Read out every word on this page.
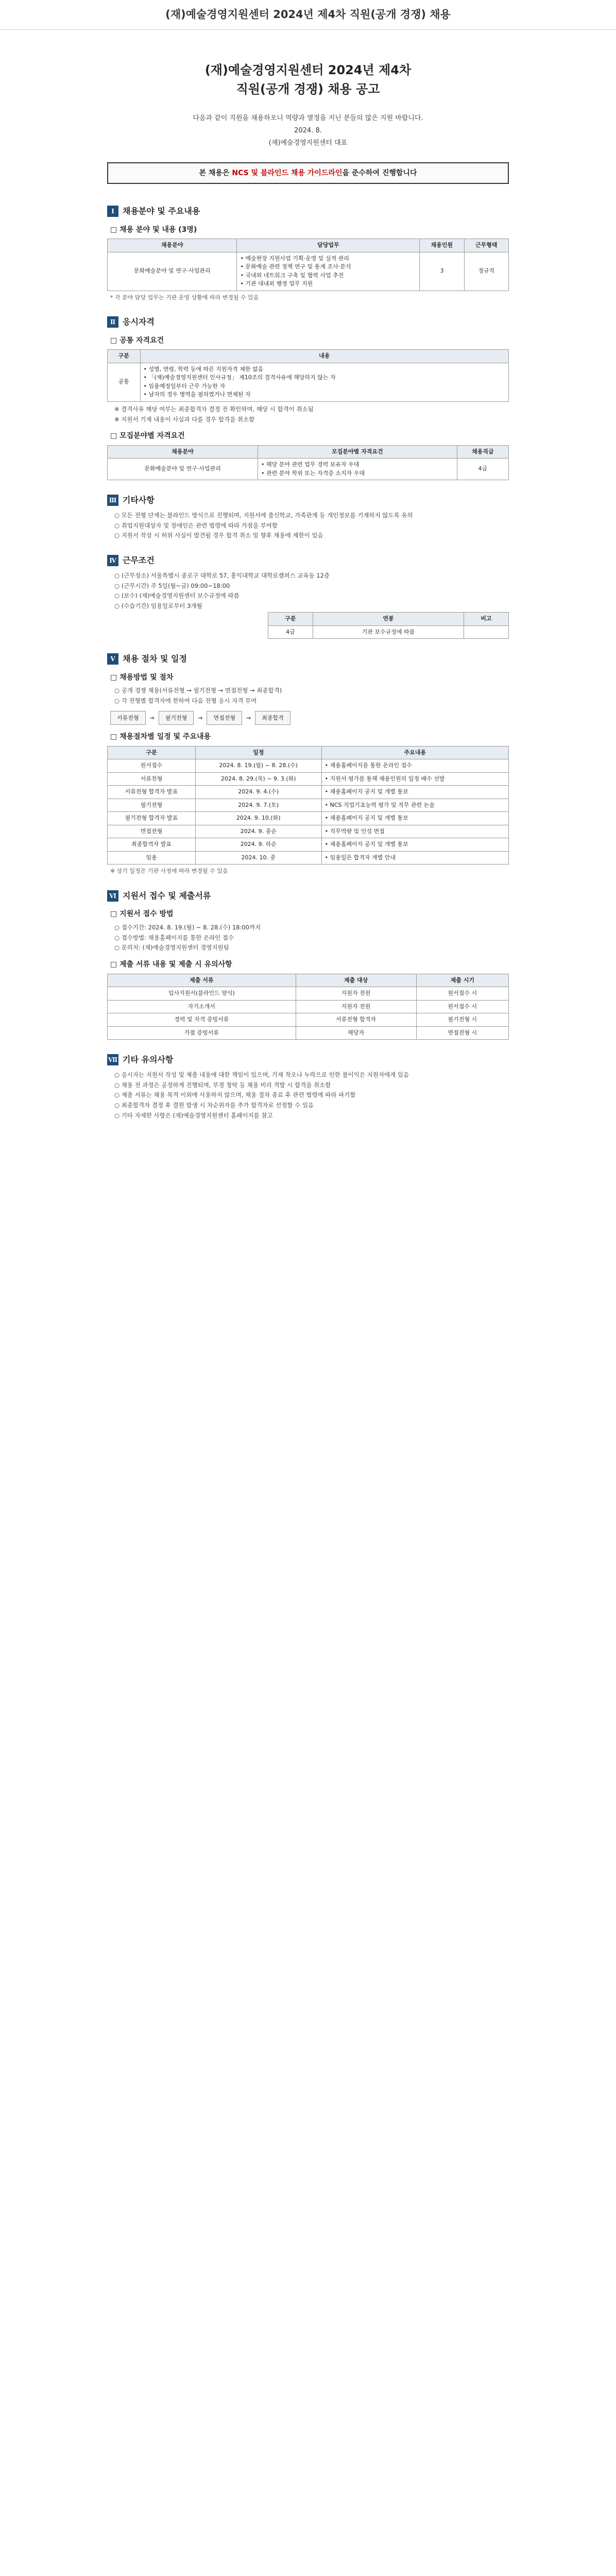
(재)예술경영지원센터 2024년 제4차 직원(공개 경쟁) 채용
(재)예술경영지원센터 2024년 제4차
직원(공개 경쟁) 채용 공고

다음과 같이 직원을 채용하오니 역량과 열정을 지닌 분들의 많은 지원 바랍니다.

2024. 8.

(재)예술경영지원센터 대표

본 채용은 NCS 및 블라인드 채용 가이드라인을 준수하여 진행합니다
Ⅰ	채용분야 및 주요내용
□ 채용 분야 및 내용 (3명)
채용분야	담당업무	채용인원	근무형태
문화예술분야 및 연구·사업관리	• 예술현장 지원사업 기획·운영 및 실적 관리
• 문화예술 관련 정책 연구 및 통계 조사·분석
• 국내외 네트워크 구축 및 협력 사업 추진
• 기관 대내외 행정 업무 지원	3	정규직
* 각 분야 담당 업무는 기관 운영 상황에 따라 변경될 수 있음
Ⅱ 응시자격
□ 공통 자격요건
구분	내용
공통	• 성별, 연령, 학력 등에 따른 지원자격 제한 없음
• 「(재)예술경영지원센터 인사규정」 제10조의 결격사유에 해당하지 않는 자
• 임용예정일부터 근무 가능한 자
• 남자의 경우 병역을 필하였거나 면제된 자
※ 결격사유 해당 여부는 최종합격자 결정 전 확인하며, 해당 시 합격이 취소됨
※ 지원서 기재 내용이 사실과 다를 경우 합격을 취소함
□ 모집분야별 자격요건
채용분야	모집분야별 자격요건	채용직급
문화예술분야 및 연구·사업관리	• 해당 분야 관련 업무 경력 보유자 우대
• 관련 분야 학위 또는 자격증 소지자 우대	4급
Ⅲ 기타사항
○ 모든 전형 단계는 블라인드 방식으로 진행되며, 지원서에 출신학교, 가족관계 등 개인정보를 기재하지 않도록 유의
○ 취업지원대상자 및 장애인은 관련 법령에 따라 가점을 부여함
○ 지원서 작성 시 허위 사실이 발견될 경우 합격 취소 및 향후 채용에 제한이 있음
Ⅳ 근무조건
○ (근무장소) 서울특별시 종로구 대학로 57, 홍익대학교 대학로캠퍼스 교육동 12층
○ (근무시간) 주 5일(월~금) 09:00~18:00
○ (보수) (재)예술경영지원센터 보수규정에 따름
○ (수습기간) 임용일로부터 3개월
구분	연봉	비고
4급	기관 보수규정에 따름	
Ⅴ 채용 절차 및 일정
□ 채용방법 및 절차
○ 공개 경쟁 채용(서류전형 → 필기전형 → 면접전형 → 최종합격)
○ 각 전형별 합격자에 한하여 다음 전형 응시 자격 부여
서류전형	→	필기전형	→	면접전형	→	최종합격
□ 채용절차별 일정 및 주요내용
구분	일정	주요내용
원서접수	2024. 8. 19.(월) ~ 8. 28.(수)	• 채용홈페이지를 통한 온라인 접수
서류전형	2024. 8. 29.(목) ~ 9. 3.(화)	• 지원서 평가를 통해 채용인원의 일정 배수 선발
서류전형 합격자 발표	2024. 9. 4.(수)	• 채용홈페이지 공지 및 개별 통보
필기전형	2024. 9. 7.(토)	• NCS 직업기초능력 평가 및 직무 관련 논술
필기전형 합격자 발표	2024. 9. 10.(화)	• 채용홈페이지 공지 및 개별 통보
면접전형	2024. 9. 중순	• 직무역량 및 인성 면접
최종합격자 발표	2024. 9. 하순	• 채용홈페이지 공지 및 개별 통보
임용	2024. 10. 중	• 임용일은 합격자 개별 안내
※ 상기 일정은 기관 사정에 따라 변경될 수 있음
Ⅵ 지원서 접수 및 제출서류
□ 지원서 접수 방법
○ 접수기간: 2024. 8. 19.(월) ~ 8. 28.(수) 18:00까지
○ 접수방법: 채용홈페이지를 통한 온라인 접수
○ 문의처: (재)예술경영지원센터 경영지원팀
□ 제출 서류 내용 및 제출 시 유의사항
제출 서류	제출 대상	제출 시기
입사지원서(블라인드 양식)	지원자 전원	원서접수 시
자기소개서	지원자 전원	원서접수 시
경력 및 자격 증빙서류	서류전형 합격자	필기전형 시
가점 증빙서류	해당자	면접전형 시
Ⅶ 기타 유의사항
○ 응시자는 지원서 작성 및 제출 내용에 대한 책임이 있으며, 기재 착오나 누락으로 인한 불이익은 지원자에게 있음
○ 채용 전 과정은 공정하게 진행되며, 부정 청탁 등 채용 비리 적발 시 합격을 취소함
○ 제출 서류는 채용 목적 이외에 사용하지 않으며, 채용 절차 종료 후 관련 법령에 따라 파기함
○ 최종합격자 결정 후 결원 발생 시 차순위자를 추가 합격자로 선정할 수 있음
○ 기타 자세한 사항은 (재)예술경영지원센터 홈페이지를 참고
